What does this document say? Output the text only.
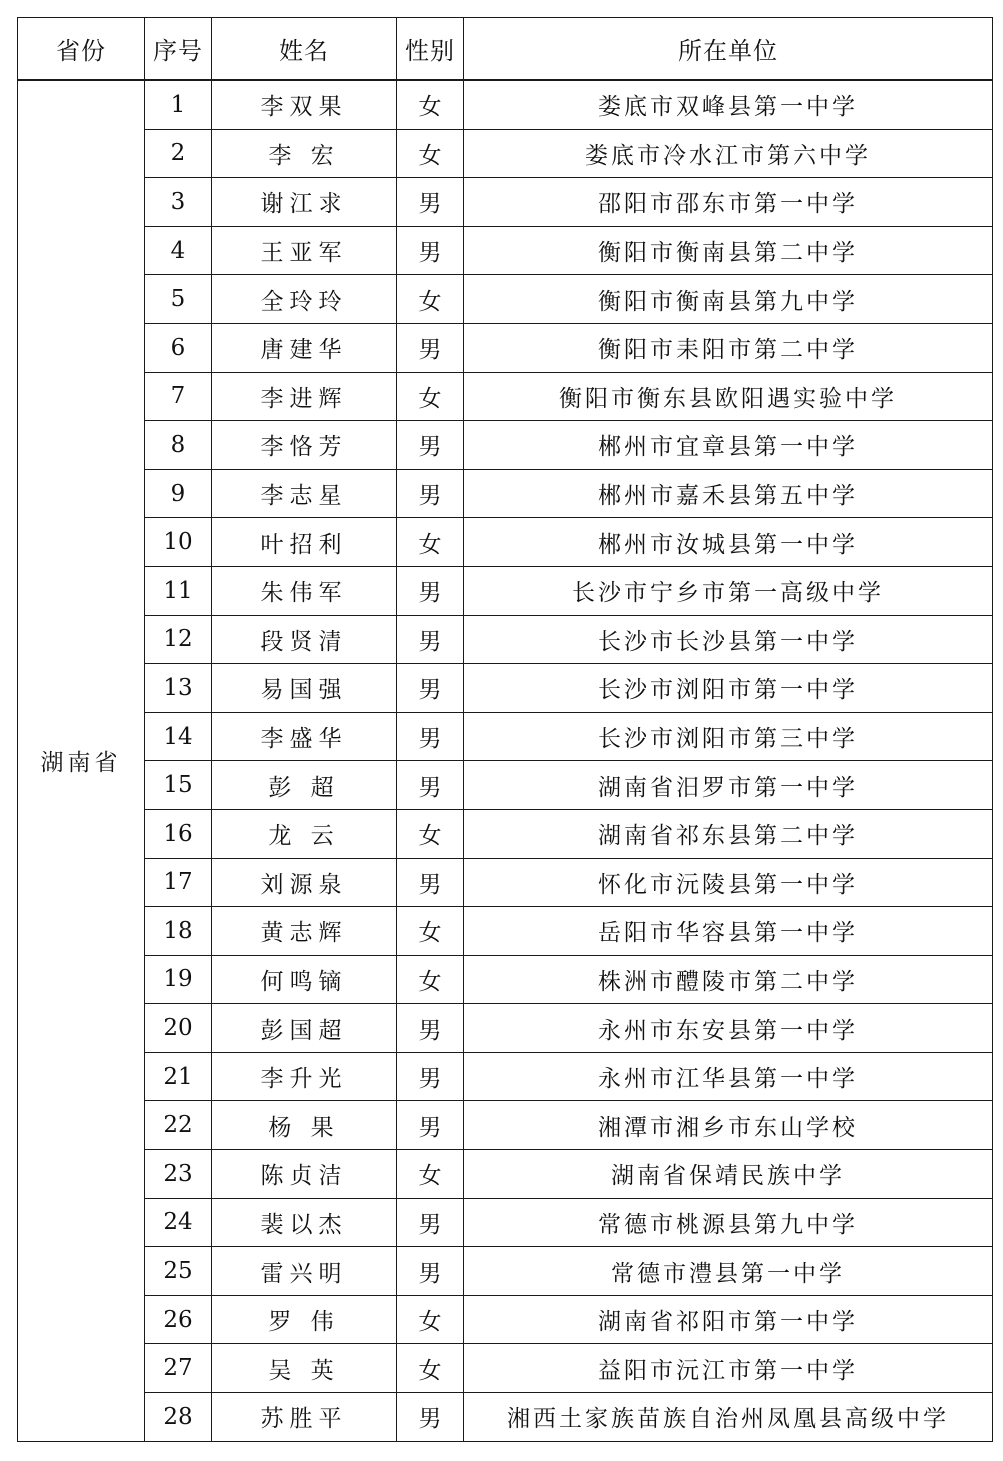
省份	序号	姓名	性别	所在单位
湖南省	1	李双果	女	娄底市双峰县第一中学
	2	李 宏	女	娄底市冷水江市第六中学
	3	谢江求	男	邵阳市邵东市第一中学
	4	王亚军	男	衡阳市衡南县第二中学
	5	全玲玲	女	衡阳市衡南县第九中学
	6	唐建华	男	衡阳市耒阳市第二中学
	7	李进辉	女	衡阳市衡东县欧阳遇实验中学
	8	李恪芳	男	郴州市宜章县第一中学
	9	李志星	男	郴州市嘉禾县第五中学
	10	叶招利	女	郴州市汝城县第一中学
	11	朱伟军	男	长沙市宁乡市第一高级中学
	12	段贤清	男	长沙市长沙县第一中学
	13	易国强	男	长沙市浏阳市第一中学
	14	李盛华	男	长沙市浏阳市第三中学
	15	彭 超	男	湖南省汨罗市第一中学
	16	龙 云	女	湖南省祁东县第二中学
	17	刘源泉	男	怀化市沅陵县第一中学
	18	黄志辉	女	岳阳市华容县第一中学
	19	何鸣镝	女	株洲市醴陵市第二中学
	20	彭国超	男	永州市东安县第一中学
	21	李升光	男	永州市江华县第一中学
	22	杨 果	男	湘潭市湘乡市东山学校
	23	陈贞洁	女	湖南省保靖民族中学
	24	裴以杰	男	常德市桃源县第九中学
	25	雷兴明	男	常德市澧县第一中学
	26	罗 伟	女	湖南省祁阳市第一中学
	27	吴 英	女	益阳市沅江市第一中学
	28	苏胜平	男	湘西土家族苗族自治州凤凰县高级中学
